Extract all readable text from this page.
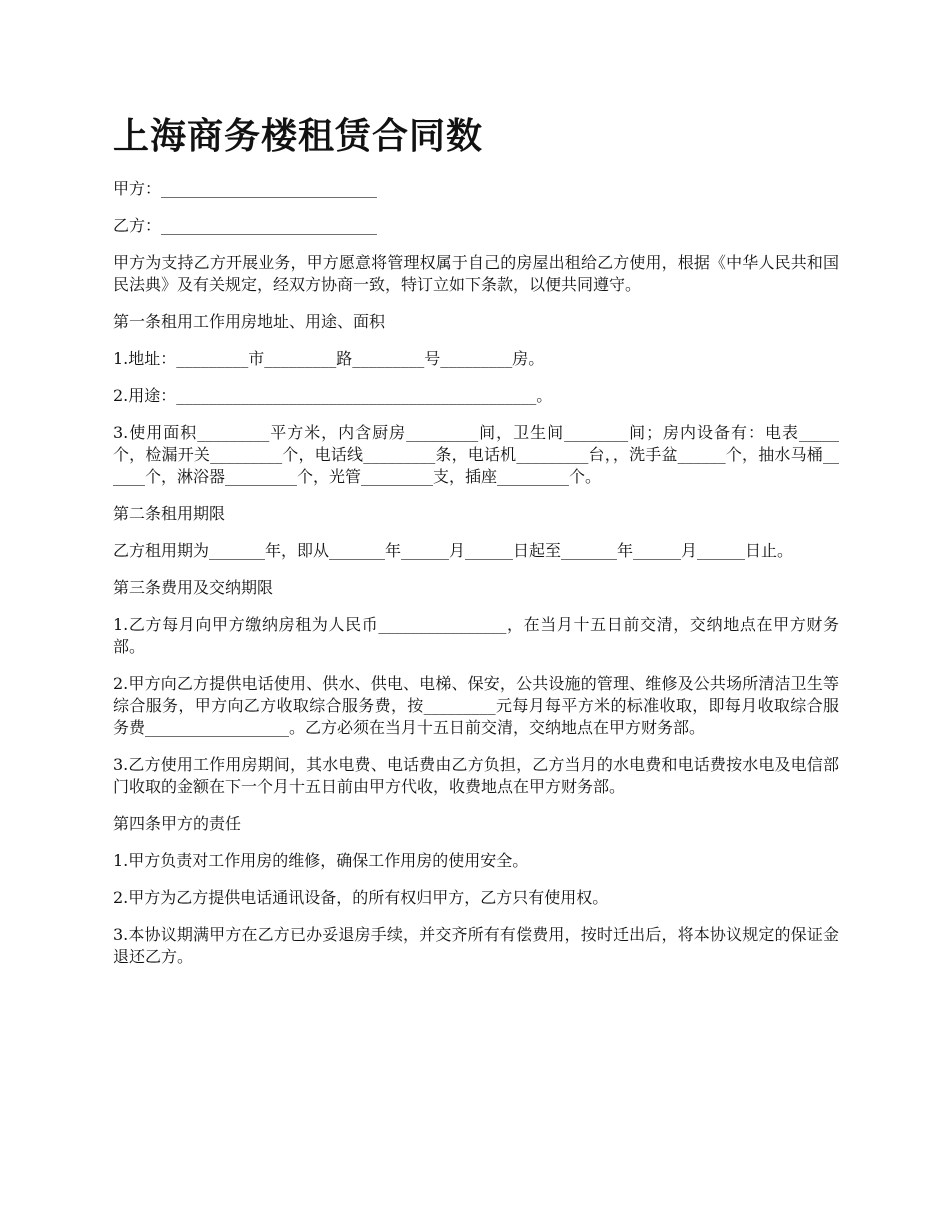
上海商务楼租赁合同数

甲方：___________________________

乙方：___________________________

甲方为支持乙方开展业务，甲方愿意将管理权属于自己的房屋出租给乙方使用，根据《中华人民共和国民法典》及有关规定，经双方协商一致，特订立如下条款，以便共同遵守。

第一条租用工作用房地址、用途、面积

1.地址：_________市_________路_________号_________房。

2.用途：_____________________________________________。

3.使用面积_________平方米，内含厨房_________间，卫生间________间；房内设备有：电表_____个，检漏开关_________个，电话线_________条，电话机_________台，，洗手盆______个，抽水马桶______个，淋浴器_________个，光管_________支，插座_________个。

第二条租用期限

乙方租用期为_______年，即从_______年______月______日起至_______年______月______日止。

第三条费用及交纳期限

1.乙方每月向甲方缴纳房租为人民币________________，在当月十五日前交清，交纳地点在甲方财务部。

2.甲方向乙方提供电话使用、供水、供电、电梯、保安，公共设施的管理、维修及公共场所清洁卫生等综合服务，甲方向乙方收取综合服务费，按_________元每月每平方米的标准收取，即每月收取综合服务费__________________。乙方必须在当月十五日前交清，交纳地点在甲方财务部。

3.乙方使用工作用房期间，其水电费、电话费由乙方负担，乙方当月的水电费和电话费按水电及电信部门收取的金额在下一个月十五日前由甲方代收，收费地点在甲方财务部。

第四条甲方的责任

1.甲方负责对工作用房的维修，确保工作用房的使用安全。

2.甲方为乙方提供电话通讯设备，的所有权归甲方，乙方只有使用权。

3.本协议期满甲方在乙方已办妥退房手续，并交齐所有有偿费用，按时迁出后，将本协议规定的保证金退还乙方。
